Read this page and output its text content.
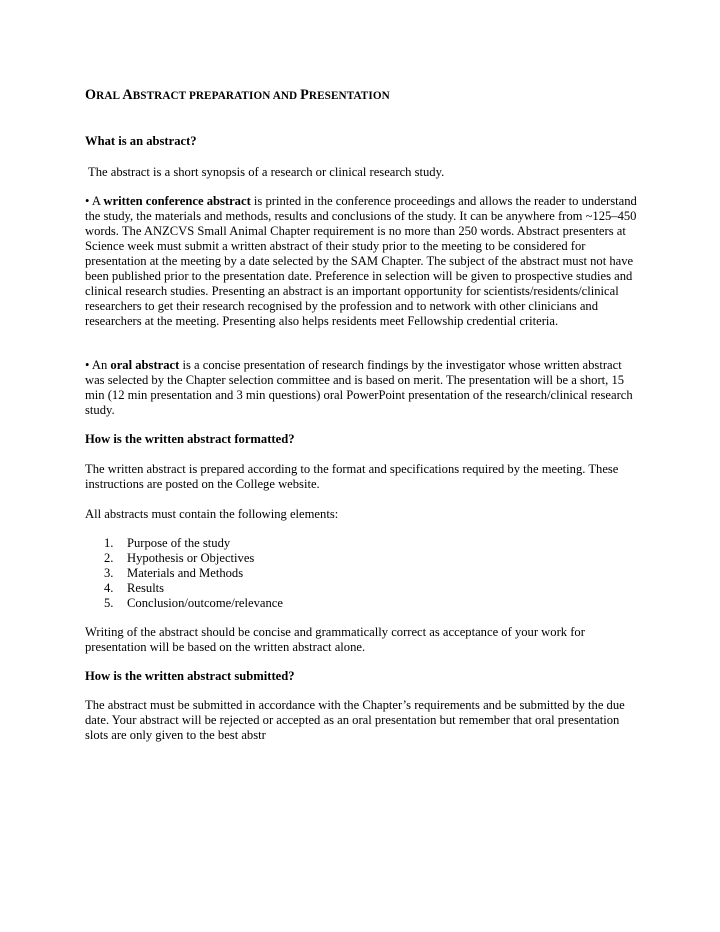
ORAL ABSTRACT PREPARATION AND PRESENTATION

What is an abstract?

The abstract is a short synopsis of a research or clinical research study.

• A written conference abstract is printed in the conference proceedings and allows the reader to understand the study, the materials and methods, results and conclusions of the study. It can be anywhere from ~125–450 words. The ANZCVS Small Animal Chapter requirement is no more than 250 words. Abstract presenters at Science week must submit a written abstract of their study prior to the meeting to be considered for presentation at the meeting by a date selected by the SAM Chapter. The subject of the abstract must not have been published prior to the presentation date. Preference in selection will be given to prospective studies and clinical research studies. Presenting an abstract is an important opportunity for scientists/residents/clinical researchers to get their research recognised by the profession and to network with other clinicians and researchers at the meeting. Presenting also helps residents meet Fellowship credential criteria.

• An oral abstract is a concise presentation of research findings by the investigator whose written abstract was selected by the Chapter selection committee and is based on merit. The presentation will be a short, 15 min (12 min presentation and 3 min questions) oral PowerPoint presentation of the research/clinical research study.

How is the written abstract formatted?

The written abstract is prepared according to the format and specifications required by the meeting. These instructions are posted on the College website.

All abstracts must contain the following elements:

1. Purpose of the study
2. Hypothesis or Objectives
3. Materials and Methods
4. Results
5. Conclusion/outcome/relevance

Writing of the abstract should be concise and grammatically correct as acceptance of your work for presentation will be based on the written abstract alone.

How is the written abstract submitted?

The abstract must be submitted in accordance with the Chapter’s requirements and be submitted by the due date. Your abstract will be rejected or accepted as an oral presentation but remember that oral presentation slots are only given to the best abstr
